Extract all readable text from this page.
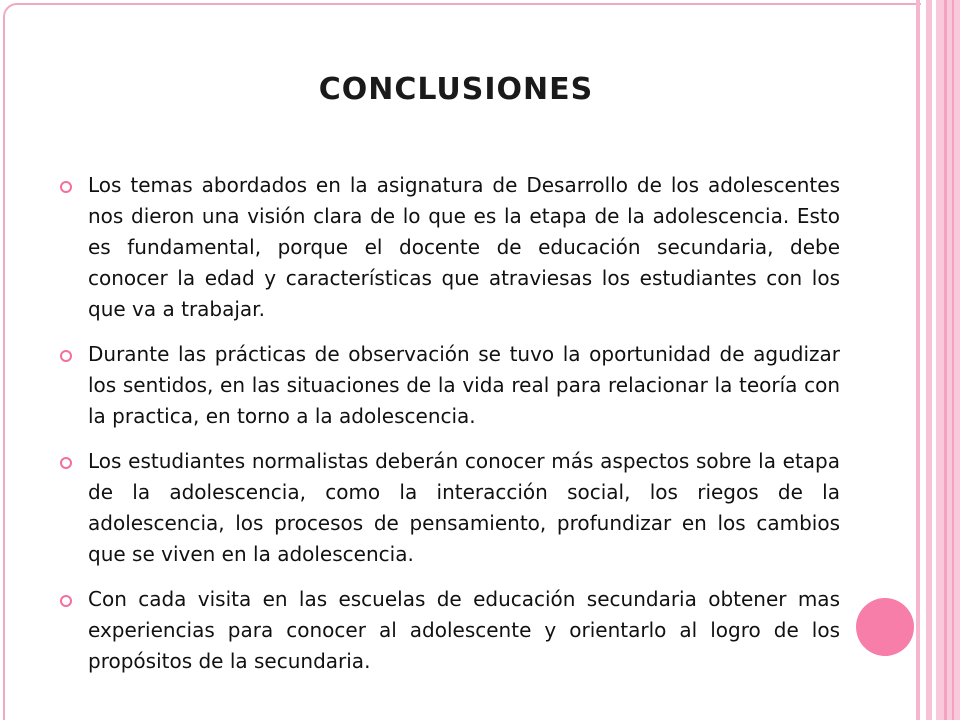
CONCLUSIONES
Los temas abordados en la asignatura de Desarrollo de los adolescentes nos dieron una visión clara de lo que es la etapa de la adolescencia. Esto es fundamental, porque el docente de educación secundaria, debe conocer la edad y características que atraviesas los estudiantes con los que va a trabajar.
Durante las prácticas de observación se tuvo la oportunidad de agudizar los sentidos, en las situaciones de la vida real para relacionar la teoría con la practica, en torno a la adolescencia.
Los estudiantes normalistas deberán conocer más aspectos sobre la etapa de la adolescencia, como la interacción social, los riegos de la adolescencia, los procesos de pensamiento, profundizar en los cambios que se viven en la adolescencia.
Con cada visita en las escuelas de educación secundaria obtener mas experiencias para conocer al adolescente y orientarlo al logro de los propósitos de la secundaria.
